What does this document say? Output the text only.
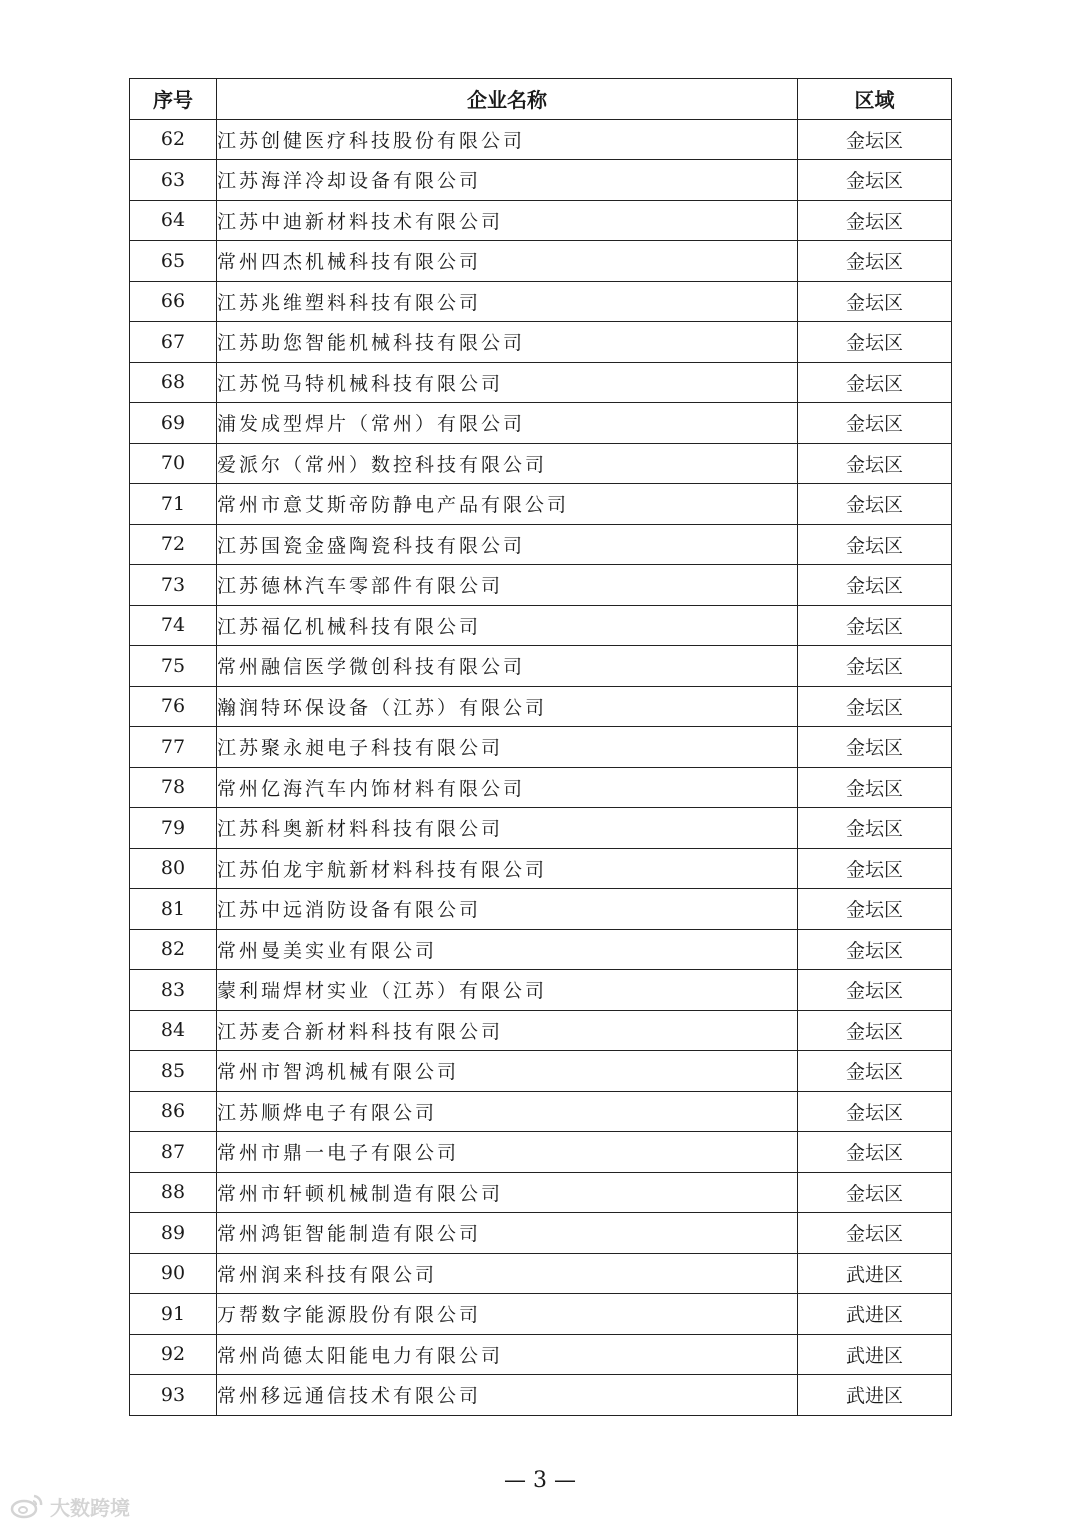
序号	企业名称	区域
62	江苏创健医疗科技股份有限公司	金坛区
63	江苏海洋冷却设备有限公司	金坛区
64	江苏中迪新材料技术有限公司	金坛区
65	常州四杰机械科技有限公司	金坛区
66	江苏兆维塑料科技有限公司	金坛区
67	江苏助您智能机械科技有限公司	金坛区
68	江苏悦马特机械科技有限公司	金坛区
69	浦发成型焊片（常州）有限公司	金坛区
70	爱派尔（常州）数控科技有限公司	金坛区
71	常州市意艾斯帝防静电产品有限公司	金坛区
72	江苏国瓷金盛陶瓷科技有限公司	金坛区
73	江苏德林汽车零部件有限公司	金坛区
74	江苏福亿机械科技有限公司	金坛区
75	常州融信医学微创科技有限公司	金坛区
76	瀚润特环保设备（江苏）有限公司	金坛区
77	江苏聚永昶电子科技有限公司	金坛区
78	常州亿海汽车内饰材料有限公司	金坛区
79	江苏科奥新材料科技有限公司	金坛区
80	江苏伯龙宇航新材料科技有限公司	金坛区
81	江苏中远消防设备有限公司	金坛区
82	常州曼美实业有限公司	金坛区
83	蒙利瑞焊材实业（江苏）有限公司	金坛区
84	江苏麦合新材料科技有限公司	金坛区
85	常州市智鸿机械有限公司	金坛区
86	江苏顺烨电子有限公司	金坛区
87	常州市鼎一电子有限公司	金坛区
88	常州市轩顿机械制造有限公司	金坛区
89	常州鸿钜智能制造有限公司	金坛区
90	常州润来科技有限公司	武进区
91	万帮数字能源股份有限公司	武进区
92	常州尚德太阳能电力有限公司	武进区
93	常州移远通信技术有限公司	武进区
— 3 —
大数跨境
